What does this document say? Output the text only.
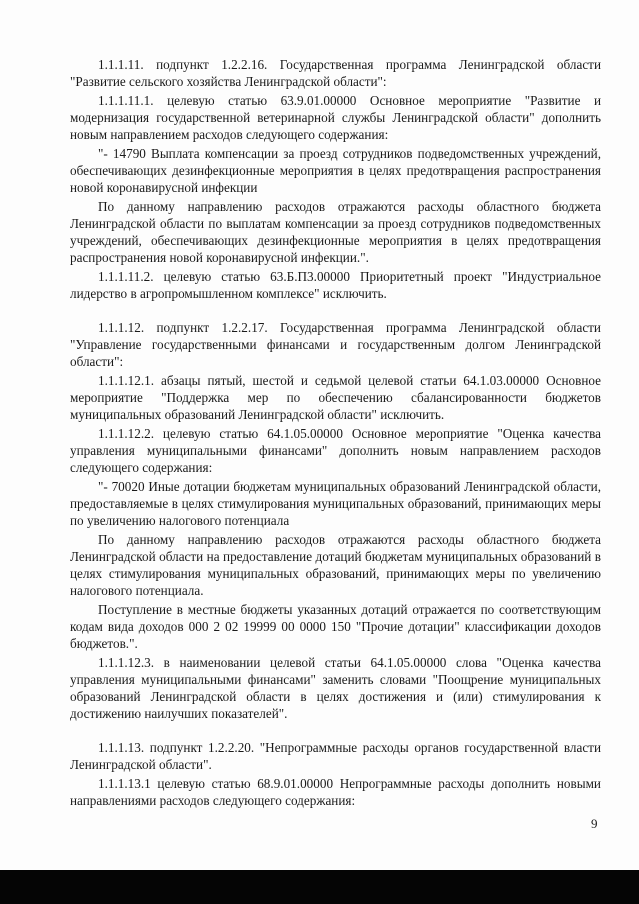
1.1.1.11. подпункт 1.2.2.16. Государственная программа Ленинградской области "Развитие сельского хозяйства Ленинградской области":

1.1.1.11.1. целевую статью 63.9.01.00000 Основное мероприятие "Развитие и модернизация государственной ветеринарной службы Ленинградской области" дополнить новым направлением расходов следующего содержания:

"- 14790 Выплата компенсации за проезд сотрудников подведомственных учреждений, обеспечивающих дезинфекционные мероприятия в целях предотвращения распространения новой коронавирусной инфекции

По данному направлению расходов отражаются расходы областного бюджета Ленинградской области по выплатам компенсации за проезд сотрудников подведомственных учреждений, обеспечивающих дезинфекционные мероприятия в целях предотвращения распространения новой коронавирусной инфекции.".

1.1.1.11.2. целевую статью 63.Б.П3.00000 Приоритетный проект "Индустриальное лидерство в агропромышленном комплексе" исключить.

1.1.1.12. подпункт 1.2.2.17. Государственная программа Ленинградской области "Управление государственными финансами и государственным долгом Ленинградской области":

1.1.1.12.1. абзацы пятый, шестой и седьмой целевой статьи 64.1.03.00000 Основное мероприятие "Поддержка мер по обеспечению сбалансированности бюджетов муниципальных образований Ленинградской области" исключить.

1.1.1.12.2. целевую статью 64.1.05.00000 Основное мероприятие "Оценка качества управления муниципальными финансами" дополнить новым направлением расходов следующего содержания:

"- 70020 Иные дотации бюджетам муниципальных образований Ленинградской области, предоставляемые в целях стимулирования муниципальных образований, принимающих меры по увеличению налогового потенциала

По данному направлению расходов отражаются расходы областного бюджета Ленинградской области на предоставление дотаций бюджетам муниципальных образований в целях стимулирования муниципальных образований, принимающих меры по увеличению налогового потенциала.

Поступление в местные бюджеты указанных дотаций отражается по соответствующим кодам вида доходов 000 2 02 19999 00 0000 150 "Прочие дотации" классификации доходов бюджетов.".

1.1.1.12.3. в наименовании целевой статьи 64.1.05.00000 слова "Оценка качества управления муниципальными финансами" заменить словами "Поощрение муниципальных образований Ленинградской области в целях достижения и (или) стимулирования к достижению наилучших показателей".

1.1.1.13. подпункт 1.2.2.20. "Непрограммные расходы органов государственной власти Ленинградской области".

1.1.1.13.1 целевую статью 68.9.01.00000 Непрограммные расходы дополнить новыми направлениями расходов следующего содержания:

9
